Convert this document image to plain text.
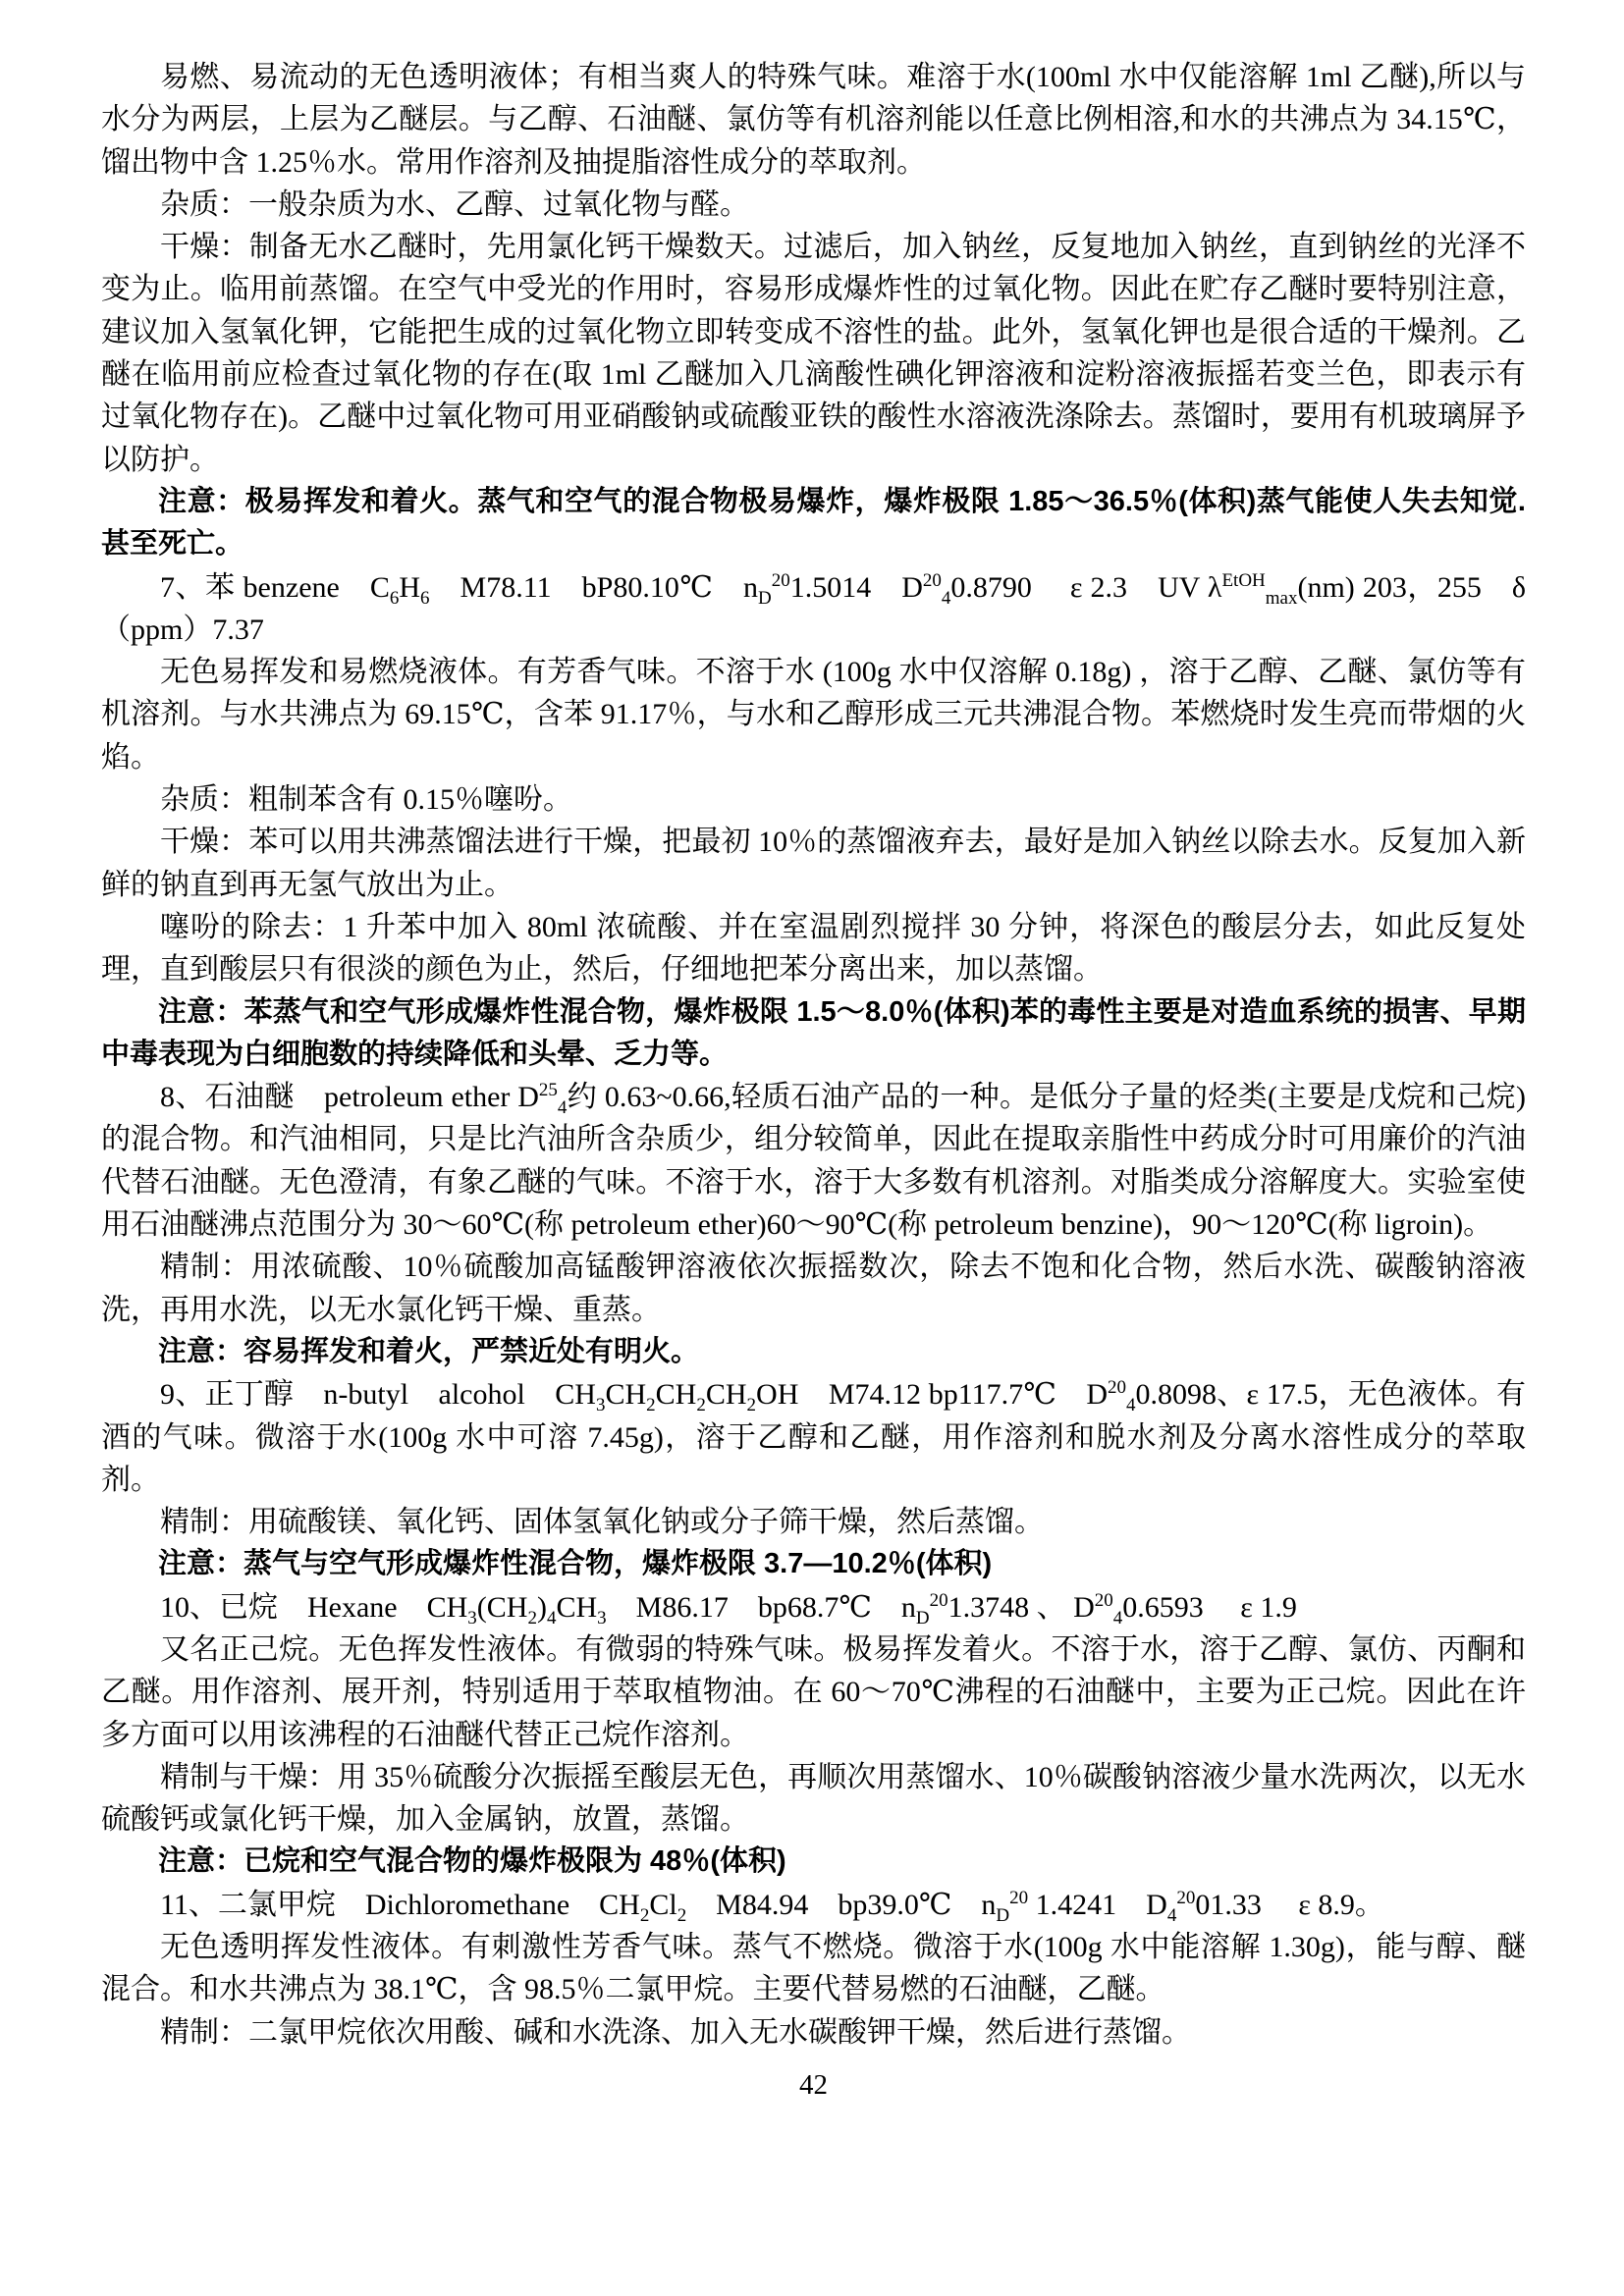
易燃、易流动的无色透明液体；有相当爽人的特殊气味。难溶于水(100ml 水中仅能溶解 1ml 乙醚),所以与水分为两层，上层为乙醚层。与乙醇、石油醚、氯仿等有机溶剂能以任意比例相溶,和水的共沸点为 34.15℃，馏出物中含 1.25％水。常用作溶剂及抽提脂溶性成分的萃取剂。

杂质：一般杂质为水、乙醇、过氧化物与醛。

干燥：制备无水乙醚时，先用氯化钙干燥数天。过滤后，加入钠丝，反复地加入钠丝，直到钠丝的光泽不变为止。临用前蒸馏。在空气中受光的作用时，容易形成爆炸性的过氧化物。因此在贮存乙醚时要特别注意，建议加入氢氧化钾，它能把生成的过氧化物立即转变成不溶性的盐。此外，氢氧化钾也是很合适的干燥剂。乙醚在临用前应检查过氧化物的存在(取 1ml 乙醚加入几滴酸性碘化钾溶液和淀粉溶液振摇若变兰色，即表示有过氧化物存在)。乙醚中过氧化物可用亚硝酸钠或硫酸亚铁的酸性水溶液洗涤除去。蒸馏时，要用有机玻璃屏予以防护。

注意：极易挥发和着火。蒸气和空气的混合物极易爆炸，爆炸极限 1.85～36.5％(体积)蒸气能使人失去知觉. 甚至死亡。

7、苯 benzene　$C_6H_6$　M78.11　bP80.10℃　$n_D^{20}1.5014$　$D^{20}_40.8790$　 ε 2.3　UV $\lambda^{EtOH}_{max}(nm)$ 203，255　δ （ppm）7.37

无色易挥发和易燃烧液体。有芳香气味。不溶于水 (100g 水中仅溶解 0.18g) ，溶于乙醇、乙醚、氯仿等有机溶剂。与水共沸点为 69.15℃，含苯 91.17％，与水和乙醇形成三元共沸混合物。苯燃烧时发生亮而带烟的火焰。

杂质：粗制苯含有 0.15％噻吩。

干燥：苯可以用共沸蒸馏法进行干燥，把最初 10％的蒸馏液弃去，最好是加入钠丝以除去水。反复加入新鲜的钠直到再无氢气放出为止。

噻吩的除去：1 升苯中加入 80ml 浓硫酸、并在室温剧烈搅拌 30 分钟，将深色的酸层分去，如此反复处理，直到酸层只有很淡的颜色为止，然后，仔细地把苯分离出来，加以蒸馏。

注意：苯蒸气和空气形成爆炸性混合物，爆炸极限 1.5～8.0％(体积)苯的毒性主要是对造血系统的损害、早期中毒表现为白细胞数的持续降低和头晕、乏力等。

8、石油醚　petroleum ether $D^{25}_4$约 0.63~0.66,轻质石油产品的一种。是低分子量的烃类(主要是戊烷和己烷)的混合物。和汽油相同，只是比汽油所含杂质少，组分较简单，因此在提取亲脂性中药成分时可用廉价的汽油代替石油醚。无色澄清，有象乙醚的气味。不溶于水，溶于大多数有机溶剂。对脂类成分溶解度大。实验室使用石油醚沸点范围分为 30～60℃(称 petroleum ether)60～90℃(称 petroleum benzine)，90～120℃(称 ligroin)。

精制：用浓硫酸、10％硫酸加高锰酸钾溶液依次振摇数次，除去不饱和化合物，然后水洗、碳酸钠溶液洗，再用水洗，以无水氯化钙干燥、重蒸。

注意：容易挥发和着火，严禁近处有明火。

9、正丁醇　n-butyl　alcohol　$CH_3CH_2CH_2CH_2OH$　M74.12 bp117.7℃　$D^{20}_40.8098$、ε 17.5，无色液体。有酒的气味。微溶于水(100g 水中可溶 7.45g)，溶于乙醇和乙醚，用作溶剂和脱水剂及分离水溶性成分的萃取剂。

精制：用硫酸镁、氧化钙、固体氢氧化钠或分子筛干燥，然后蒸馏。

注意：蒸气与空气形成爆炸性混合物，爆炸极限 3.7—10.2％(体积)

10、已烷　Hexane　$CH_3(CH_2)_4CH_3$　M86.17　bp68.7℃　$n_D^{20}1.3748$ 、 $D^{20}_40.6593$　 ε 1.9

又名正己烷。无色挥发性液体。有微弱的特殊气味。极易挥发着火。不溶于水，溶于乙醇、氯仿、丙酮和乙醚。用作溶剂、展开剂，特别适用于萃取植物油。在 60～70℃沸程的石油醚中，主要为正己烷。因此在许多方面可以用该沸程的石油醚代替正己烷作溶剂。

精制与干燥：用 35％硫酸分次振摇至酸层无色，再顺次用蒸馏水、10％碳酸钠溶液少量水洗两次，以无水硫酸钙或氯化钙干燥，加入金属钠，放置，蒸馏。

注意：已烷和空气混合物的爆炸极限为 48％(体积)

11、二氯甲烷　Dichloromethane　$CH_2Cl_2$　M84.94　bp39.0℃　$n_D^{20}$ 1.4241　$D_4^{20}01.33$　 ε 8.9。

无色透明挥发性液体。有刺激性芳香气味。蒸气不燃烧。微溶于水(100g 水中能溶解 1.30g)，能与醇、醚混合。和水共沸点为 38.1℃，含 98.5％二氯甲烷。主要代替易燃的石油醚，乙醚。

精制：二氯甲烷依次用酸、碱和水洗涤、加入无水碳酸钾干燥，然后进行蒸馏。

42
